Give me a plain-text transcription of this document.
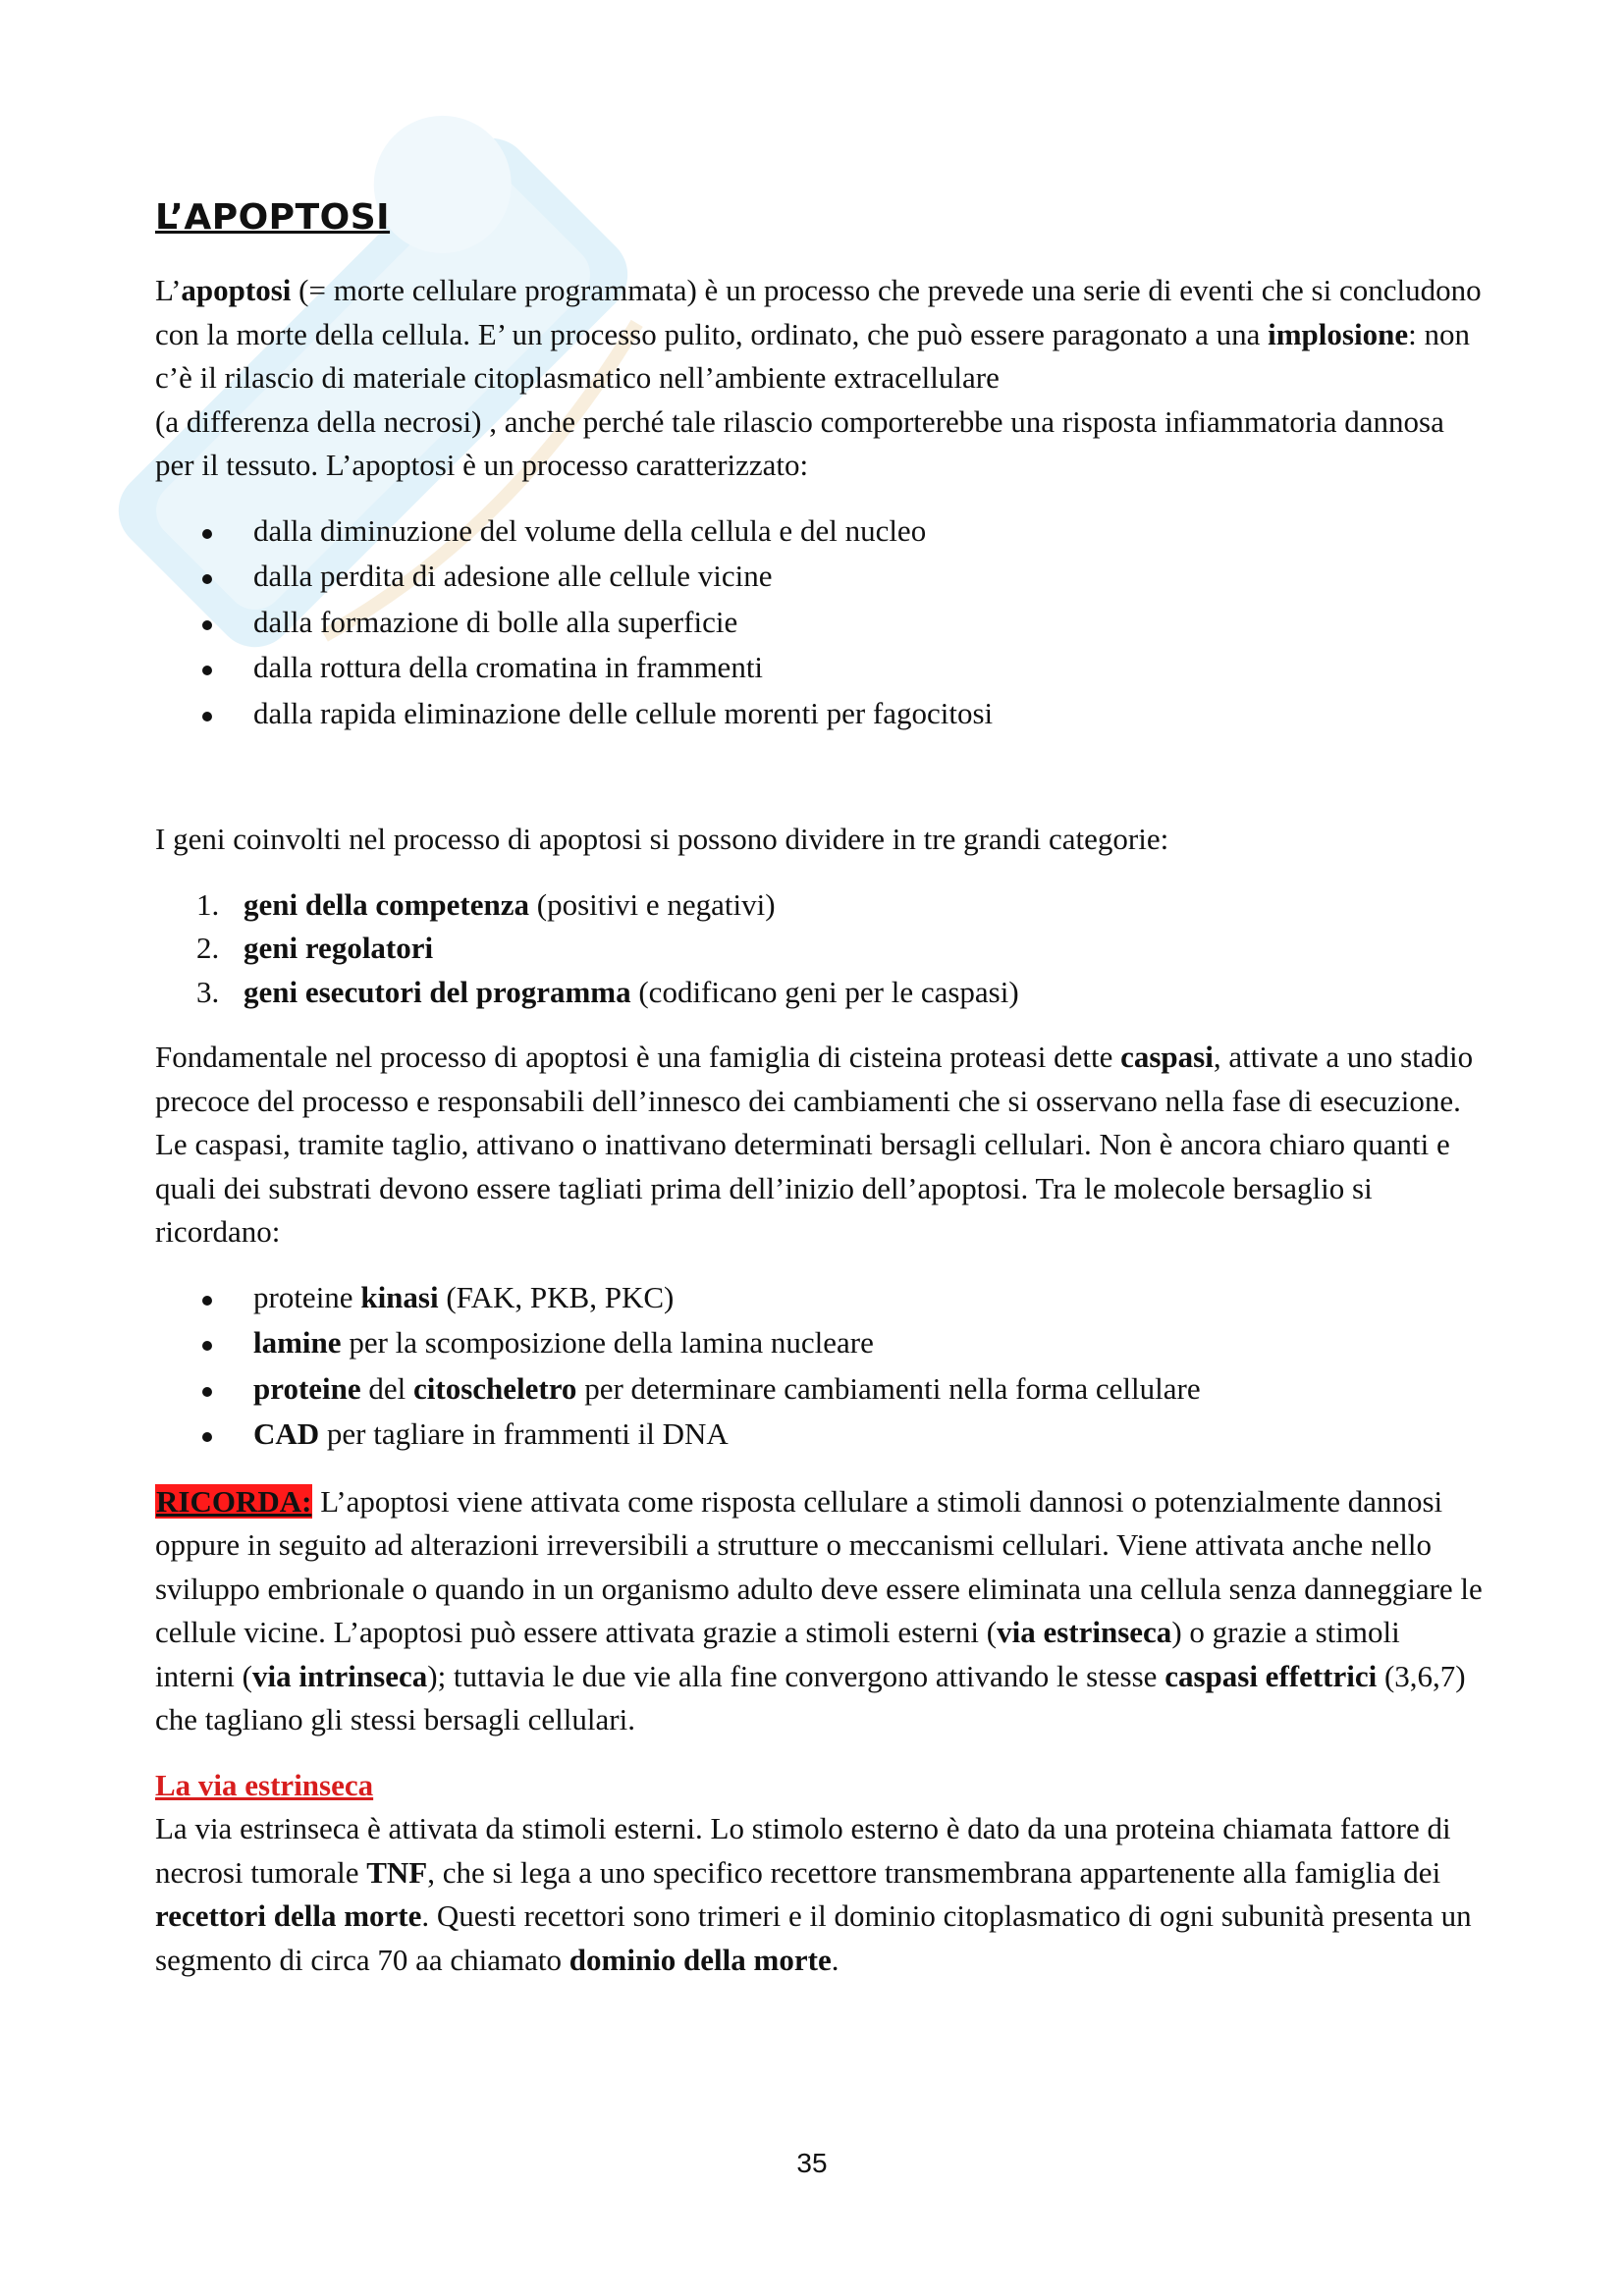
L’APOPTOSI

L’apoptosi (= morte cellulare programmata) è un processo che prevede una serie di eventi che si concludono con la morte della cellula. E’ un processo pulito, ordinato, che può essere paragonato a una implosione: non c’è il rilascio di materiale citoplasmatico nell’ambiente extracellulare
(a differenza della necrosi) , anche perché tale rilascio comporterebbe una risposta infiammatoria dannosa per il tessuto. L’apoptosi è un processo caratterizzato:

dalla diminuzione del volume della cellula e del nucleo
dalla perdita di adesione alle cellule vicine
dalla formazione di bolle alla superficie
dalla rottura della cromatina in frammenti
dalla rapida eliminazione delle cellule morenti per fagocitosi

I geni coinvolti nel processo di apoptosi si possono dividere in tre grandi categorie:

1. geni della competenza (positivi e negativi)
2. geni regolatori
3. geni esecutori del programma (codificano geni per le caspasi)

Fondamentale nel processo di apoptosi è una famiglia di cisteina proteasi dette caspasi, attivate a uno stadio precoce del processo e responsabili dell’innesco dei cambiamenti che si osservano nella fase di esecuzione. Le caspasi, tramite taglio, attivano o inattivano determinati bersagli cellulari. Non è ancora chiaro quanti e quali dei substrati devono essere tagliati prima dell’inizio dell’apoptosi. Tra le molecole bersaglio si ricordano:

proteine kinasi (FAK, PKB, PKC)
lamine per la scomposizione della lamina nucleare
proteine del citoscheletro per determinare cambiamenti nella forma cellulare
CAD per tagliare in frammenti il DNA

RICORDA: L’apoptosi viene attivata come risposta cellulare a stimoli dannosi o potenzialmente dannosi oppure in seguito ad alterazioni irreversibili a strutture o meccanismi cellulari. Viene attivata anche nello sviluppo embrionale o quando in un organismo adulto deve essere eliminata una cellula senza danneggiare le cellule vicine. L’apoptosi può essere attivata grazie a stimoli esterni (via estrinseca) o grazie a stimoli interni (via intrinseca); tuttavia le due vie alla fine convergono attivando le stesse caspasi effettrici (3,6,7) che tagliano gli stessi bersagli cellulari.

La via estrinseca

La via estrinseca è attivata da stimoli esterni. Lo stimolo esterno è dato da una proteina chiamata fattore di necrosi tumorale TNF, che si lega a uno specifico recettore transmembrana appartenente alla famiglia dei recettori della morte. Questi recettori sono trimeri e il dominio citoplasmatico di ogni subunità presenta un segmento di circa 70 aa chiamato dominio della morte.

35
